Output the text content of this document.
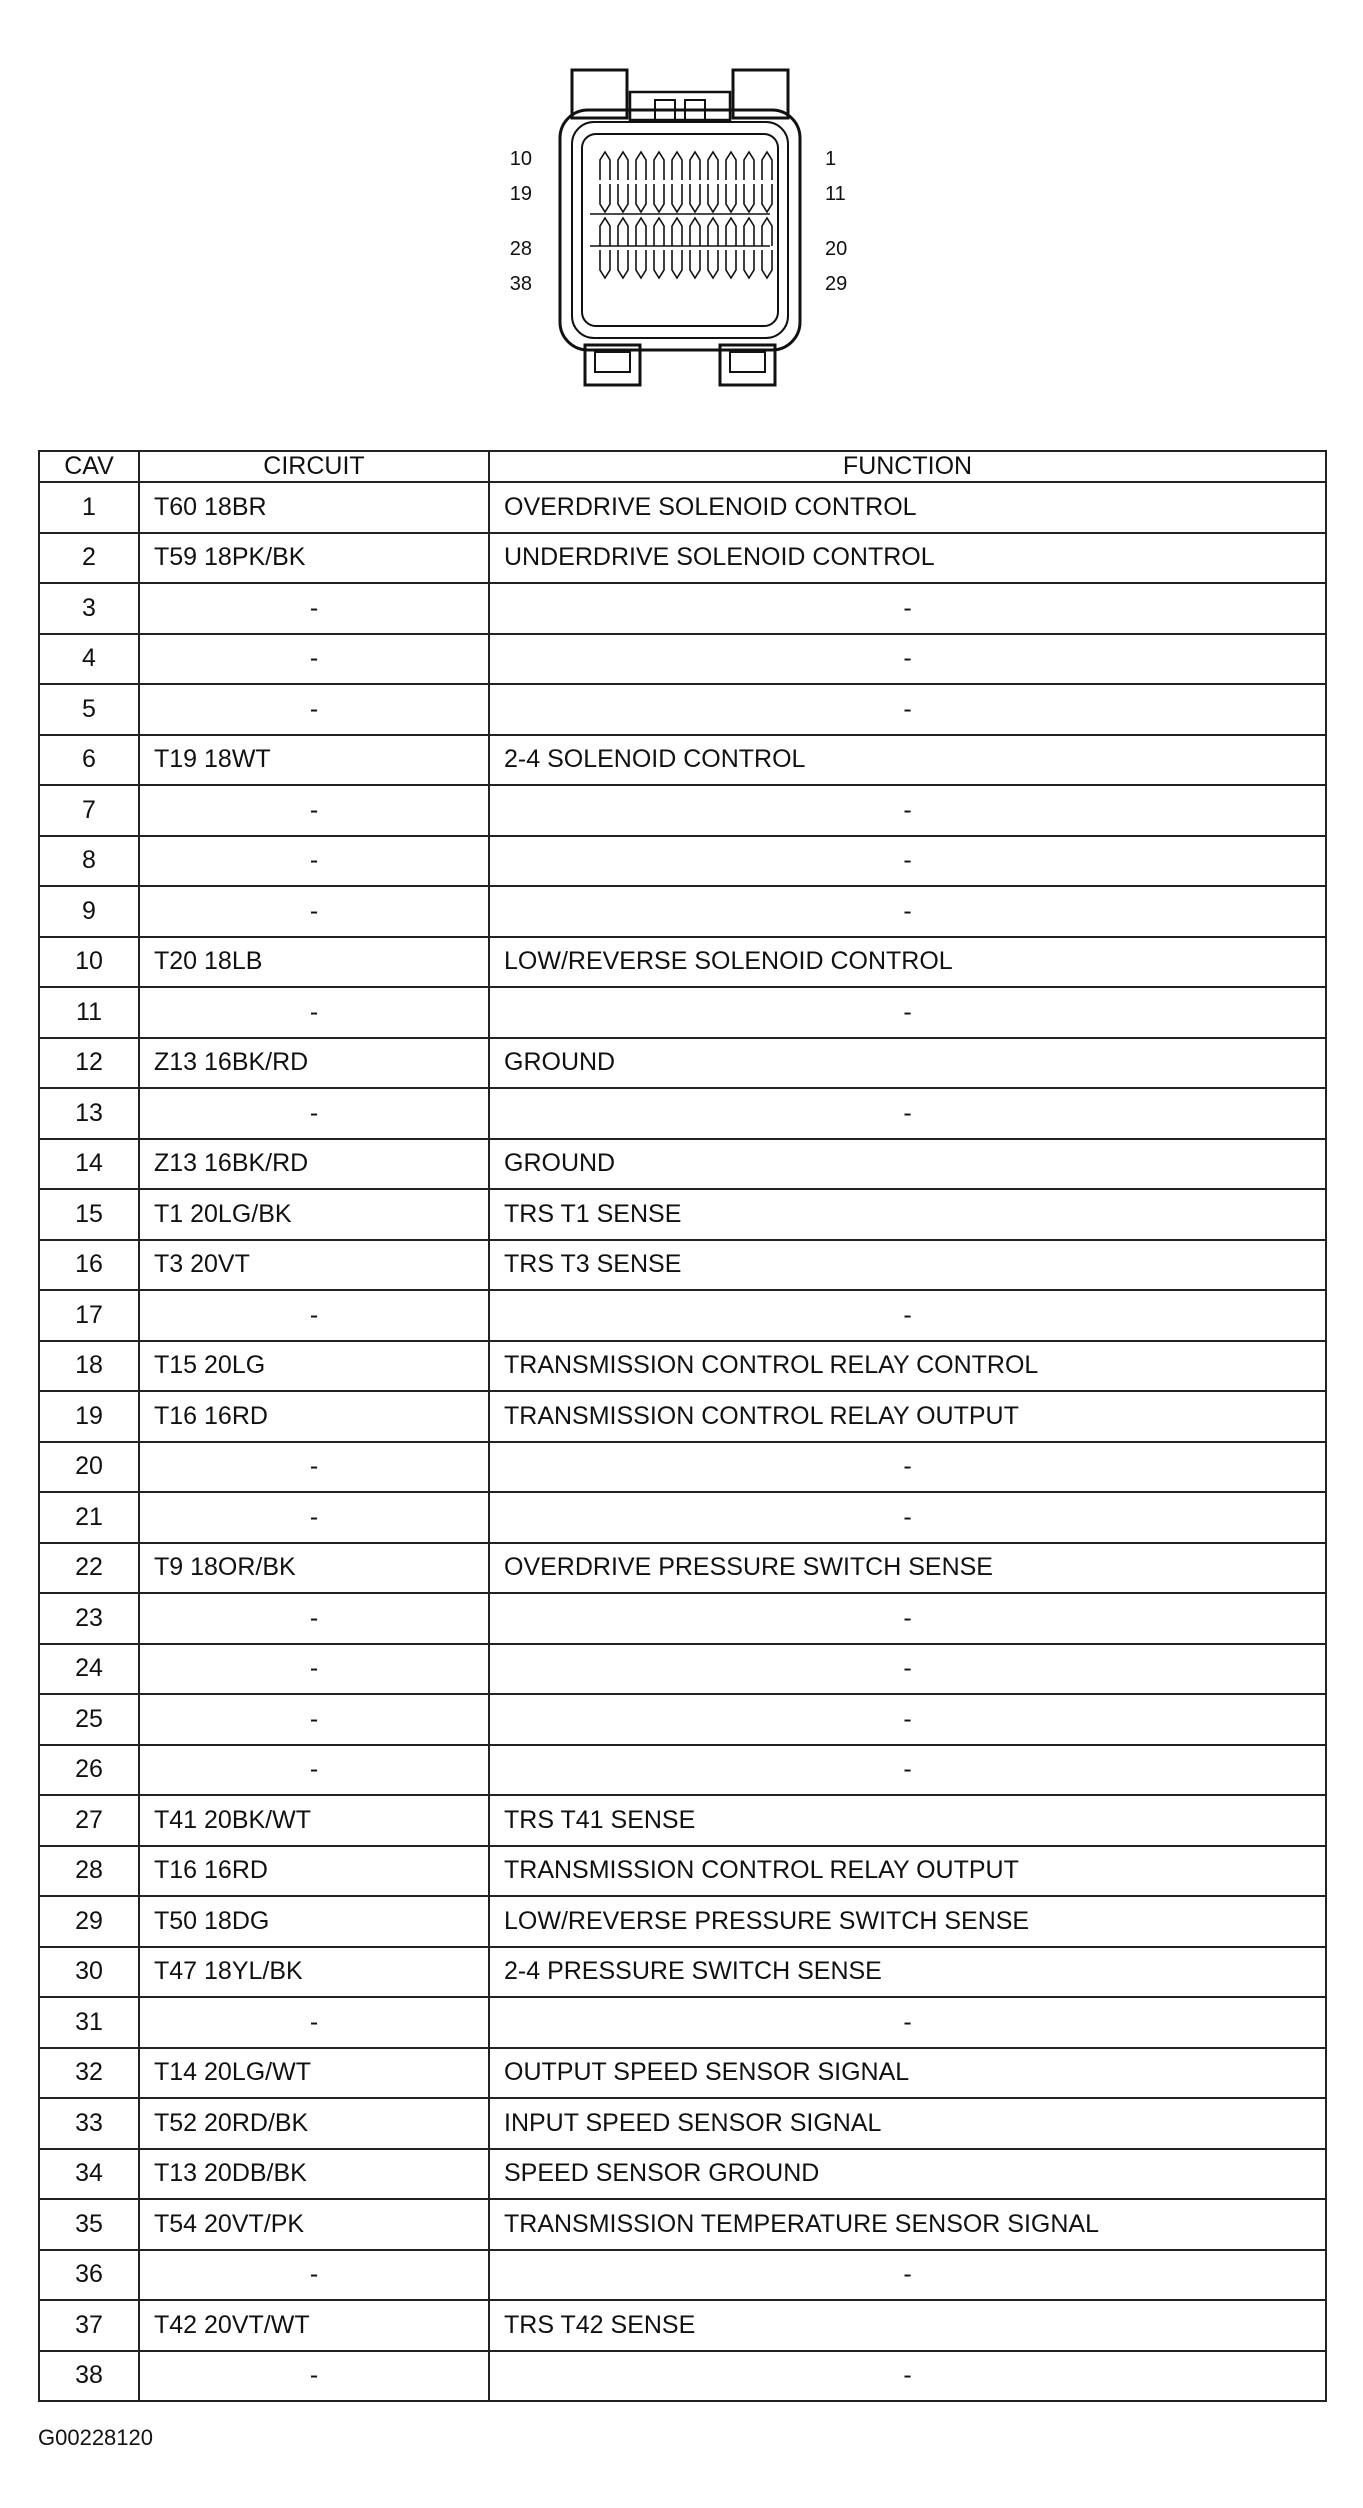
10
19
28
38
1
11
20
29
CAV	CIRCUIT	FUNCTION
1	T60 18BR	OVERDRIVE SOLENOID CONTROL
2	T59 18PK/BK	UNDERDRIVE SOLENOID CONTROL
3	-	-
4	-	-
5	-	-
6	T19 18WT	2-4 SOLENOID CONTROL
7	-	-
8	-	-
9	-	-
10	T20 18LB	LOW/REVERSE SOLENOID CONTROL
11	-	-
12	Z13 16BK/RD	GROUND
13	-	-
14	Z13 16BK/RD	GROUND
15	T1 20LG/BK	TRS T1 SENSE
16	T3 20VT	TRS T3 SENSE
17	-	-
18	T15 20LG	TRANSMISSION CONTROL RELAY CONTROL
19	T16 16RD	TRANSMISSION CONTROL RELAY OUTPUT
20	-	-
21	-	-
22	T9 18OR/BK	OVERDRIVE PRESSURE SWITCH SENSE
23	-	-
24	-	-
25	-	-
26	-	-
27	T41 20BK/WT	TRS T41 SENSE
28	T16 16RD	TRANSMISSION CONTROL RELAY OUTPUT
29	T50 18DG	LOW/REVERSE PRESSURE SWITCH SENSE
30	T47 18YL/BK	2-4 PRESSURE SWITCH SENSE
31	-	-
32	T14 20LG/WT	OUTPUT SPEED SENSOR SIGNAL
33	T52 20RD/BK	INPUT SPEED SENSOR SIGNAL
34	T13 20DB/BK	SPEED SENSOR GROUND
35	T54 20VT/PK	TRANSMISSION TEMPERATURE SENSOR SIGNAL
36	-	-
37	T42 20VT/WT	TRS T42 SENSE
38	-	-
G00228120
